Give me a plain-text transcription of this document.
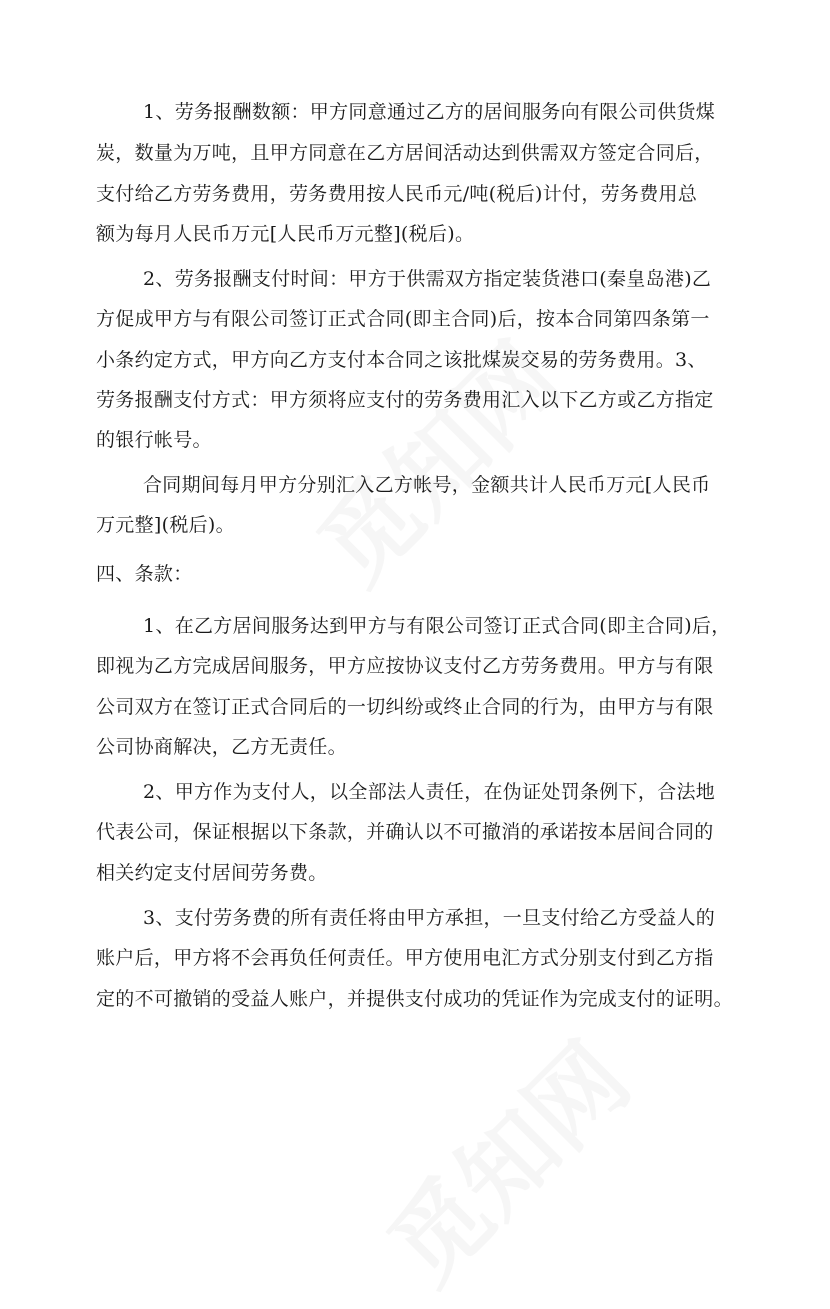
1、劳务报酬数额：甲方同意通过乙方的居间服务向有限公司供货煤
炭，数量为万吨，且甲方同意在乙方居间活动达到供需双方签定合同后，
支付给乙方劳务费用，劳务费用按人民币元/吨(税后)计付，劳务费用总
额为每月人民币万元[人民币万元整](税后)。
2、劳务报酬支付时间：甲方于供需双方指定装货港口(秦皇岛港)乙
方促成甲方与有限公司签订正式合同(即主合同)后，按本合同第四条第一
小条约定方式，甲方向乙方支付本合同之该批煤炭交易的劳务费用。3、
劳务报酬支付方式：甲方须将应支付的劳务费用汇入以下乙方或乙方指定
的银行帐号。
合同期间每月甲方分别汇入乙方帐号，金额共计人民币万元[人民币
万元整](税后)。
四、条款：
1、在乙方居间服务达到甲方与有限公司签订正式合同(即主合同)后，
即视为乙方完成居间服务，甲方应按协议支付乙方劳务费用。甲方与有限
公司双方在签订正式合同后的一切纠纷或终止合同的行为，由甲方与有限
公司协商解决，乙方无责任。
2、甲方作为支付人，以全部法人责任，在伪证处罚条例下，合法地
代表公司，保证根据以下条款，并确认以不可撤消的承诺按本居间合同的
相关约定支付居间劳务费。
3、支付劳务费的所有责任将由甲方承担，一旦支付给乙方受益人的
账户后，甲方将不会再负任何责任。甲方使用电汇方式分别支付到乙方指
定的不可撤销的受益人账户，并提供支付成功的凭证作为完成支付的证明。
